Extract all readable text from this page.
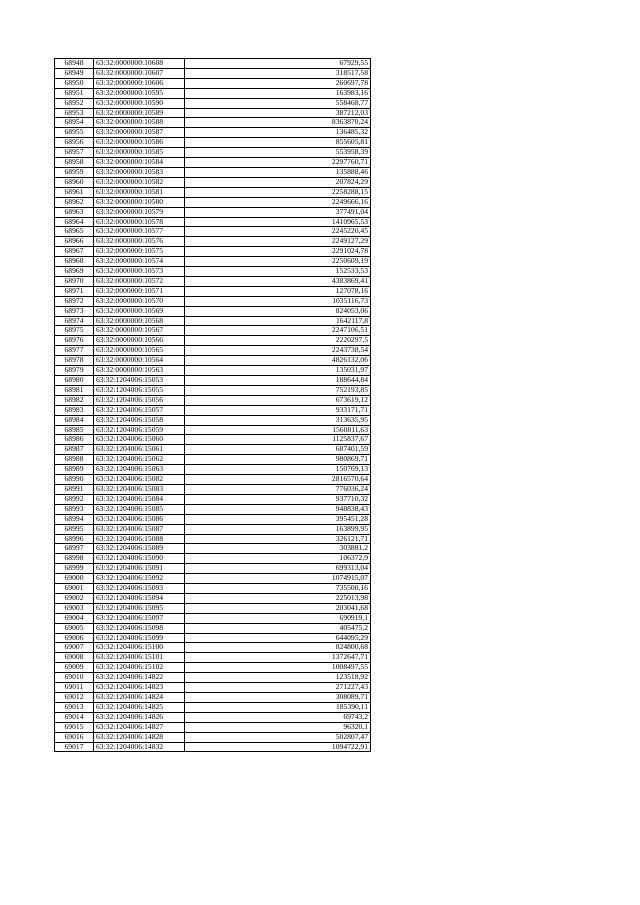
68948	63:32:0000000:10608	67929,55
68949	63:32:0000000:10607	318517,58
68950	63:32:0000000:10606	260697,78
68951	63:32:0000000:10595	163983,16
68952	63:32:0000000:10590	558468,77
68953	63:32:0000000:10589	387212,03
68954	63:32:0000000:10588	8363870,24
68955	63:32:0000000:10587	136485,32
68956	63:32:0000000:10586	855605,81
68957	63:32:0000000:10585	553958,39
68958	63:32:0000000:10584	2297760,71
68959	63:32:0000000:10583	135888,46
68960	63:32:0000000:10582	207824,29
68961	63:32:0000000:10581	2258288,15
68962	63:32:0000000:10580	2249666,16
68963	63:32:0000000:10579	377491,04
68964	63:32:0000000:10578	1410965,53
68965	63:32:0000000:10577	2245220,45
68966	63:32:0000000:10576	2249127,29
68967	63:32:0000000:10575	2291024,78
68968	63:32:0000000:10574	2250609,19
68969	63:32:0000000:10573	152533,53
68970	63:32:0000000:10572	4383869,41
68971	63:32:0000000:10571	127078,16
68972	63:32:0000000:10570	1035116,73
68973	63:32:0000000:10569	824053,06
68974	63:32:0000000:10568	1642117,8
68975	63:32:0000000:10567	2247106,51
68976	63:32:0000000:10566	2220297,5
68977	63:32:0000000:10565	2243738,54
68978	63:32:0000000:10564	4826132,06
68979	63:32:0000000:10563	135031,97
68980	63:32:1204006:15053	188644,84
68981	63:32:1204006:15055	752193,85
68982	63:32:1204006:15056	673619,12
68983	63:32:1204006:15057	933171,71
68984	63:32:1204006:15058	313635,95
68985	63:32:1204006:15059	1560811,63
68986	63:32:1204006:15060	1125837,67
68987	63:32:1204006:15061	687401,59
68988	63:32:1204006:15062	980869,71
68989	63:32:1204006:15063	150769,13
68990	63:32:1204006:15082	2816570,64
68991	63:32:1204006:15083	776036,24
68992	63:32:1204006:15084	937710,32
68993	63:32:1204006:15085	948838,43
68994	63:32:1204006:15086	395451,28
68995	63:32:1204006:15087	163899,95
68996	63:32:1204006:15088	326121,71
68997	63:32:1204006:15089	303881,2
68998	63:32:1204006:15090	106372,9
68999	63:32:1204006:15091	699313,04
69000	63:32:1204006:15092	1074915,07
69001	63:32:1204006:15093	735500,16
69002	63:32:1204006:15094	225013,98
69003	63:32:1204006:15095	203041,68
69004	63:32:1204006:15097	690919,1
69005	63:32:1204006:15098	405475,2
69006	63:32:1204006:15099	644095,29
69007	63:32:1204006:15100	824800,68
69008	63:32:1204006:15101	1372647,71
69009	63:32:1204006:15102	1008497,55
69010	63:32:1204006:14822	123518,92
69011	63:32:1204006:14823	271227,43
69012	63:32:1204006:14824	308089,71
69013	63:32:1204006:14825	185390,11
69014	63:32:1204006:14826	69743,2
69015	63:32:1204006:14827	96320,1
69016	63:32:1204006:14828	502807,47
69017	63:32:1204006:14832	1094722,91
